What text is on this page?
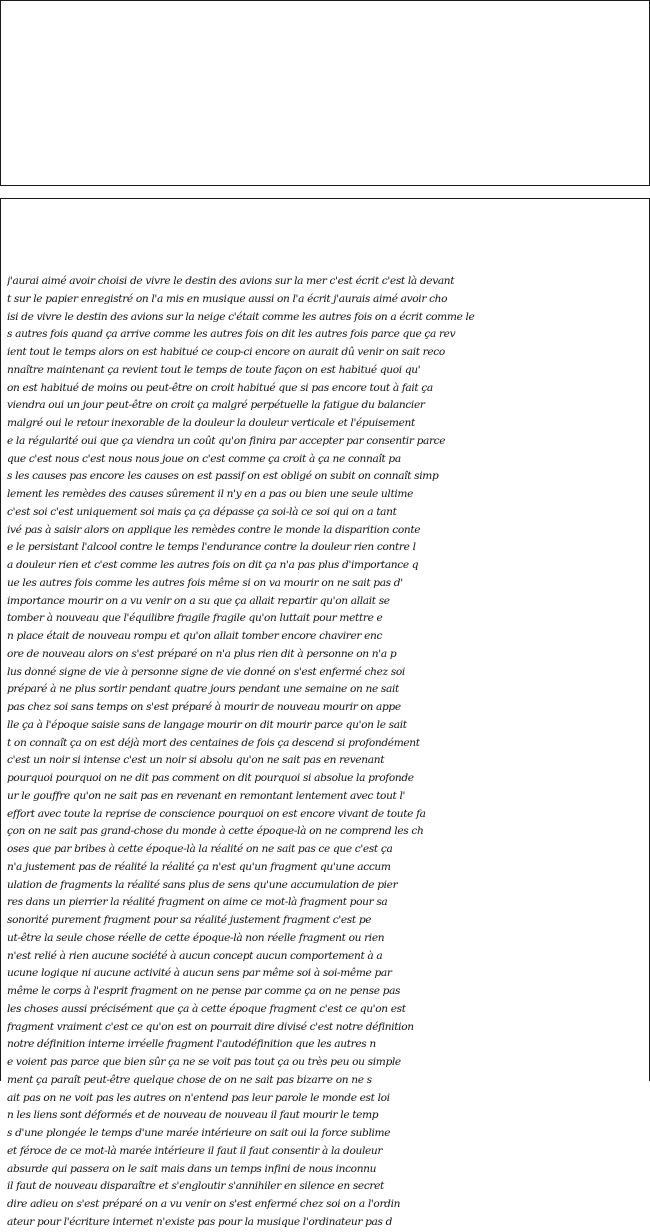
j'aurai aimé avoir choisi de vivre le destin des avions sur la mer c'est écrit c'est là devant
t sur le papier enregistré on l'a mis en musique aussi on l'a écrit j'aurais aimé avoir cho
isi de vivre le destin des avions sur la neige c'était comme les autres fois on a écrit comme le
s autres fois quand ça arrive comme les autres fois on dit les autres fois parce que ça rev
ient tout le temps alors on est habitué ce coup-ci encore on aurait dû venir on sait reco
nnaître maintenant ça revient tout le temps de toute façon on est habitué quoi qu'
on est habitué de moins ou peut-être on croit habitué que si pas encore tout à fait ça
viendra oui un jour peut-être on croit ça malgré perpétuelle la fatigue du balancier
malgré oui le retour inexorable de la douleur la douleur verticale et l'épuisement
e la régularité oui que ça viendra un coût qu'on finira par accepter par consentir parce
que c'est nous c'est nous nous joue on c'est comme ça croit à ça ne connaît pa
s les causes pas encore les causes on est passif on est obligé on subit on connaît simp
lement les remèdes des causes sûrement il n'y en a pas ou bien une seule ultime
c'est soi c'est uniquement soi mais ça ça dépasse ça soi-là ce soi qui on a tant
ivé pas à saisir alors on applique les remèdes contre le monde la disparition conte
e le persistant l'alcool contre le temps l'endurance contre la douleur rien contre l
a douleur rien et c'est comme les autres fois on dit ça n'a pas plus d'importance q
ue les autres fois comme les autres fois même si on va mourir on ne sait pas d'
importance mourir on a vu venir on a su que ça allait repartir qu'on allait se
tomber à nouveau que l'équilibre fragile fragile qu'on luttait pour mettre e
n place était de nouveau rompu et qu'on allait tomber encore chavirer enc
ore de nouveau alors on s'est préparé on n'a plus rien dit à personne on n'a p
lus donné signe de vie à personne signe de vie donné on s'est enfermé chez soi
préparé à ne plus sortir pendant quatre jours pendant une semaine on ne sait
pas chez soi sans temps on s'est préparé à mourir de nouveau mourir on appe
lle ça à l'époque saisie sans de langage mourir on dit mourir parce qu'on le sait
t on connaît ça on est déjà mort des centaines de fois ça descend si profondément
c'est un noir si intense c'est un noir si absolu qu'on ne sait pas en revenant
pourquoi pourquoi on ne dit pas comment on dit pourquoi si absolue la profonde
ur le gouffre qu'on ne sait pas en revenant en remontant lentement avec tout l'
effort avec toute la reprise de conscience pourquoi on est encore vivant de toute fa
çon on ne sait pas grand-chose du monde à cette époque-là on ne comprend les ch
oses que par bribes à cette époque-là la réalité on ne sait pas ce que c'est ça
n'a justement pas de réalité la réalité ça n'est qu'un fragment qu'une accum
ulation de fragments la réalité sans plus de sens qu'une accumulation de pier
res dans un pierrier la réalité fragment on aime ce mot-là fragment pour sa
sonorité purement fragment pour sa réalité justement fragment c'est pe
ut-être la seule chose réelle de cette époque-là non réelle fragment ou rien
n'est relié à rien aucune société à aucun concept aucun comportement à a
ucune logique ni aucune activité à aucun sens par même soi à soi-même par
même le corps à l'esprit fragment on ne pense par comme ça on ne pense pas
les choses aussi précisément que ça à cette époque fragment c'est ce qu'on est
fragment vraiment c'est ce qu'on est on pourrait dire divisé c'est notre définition
notre définition interne irréelle fragment l'autodéfinition que les autres n
e voient pas parce que bien sûr ça ne se voit pas tout ça ou très peu ou simple
ment ça paraît peut-être quelque chose de on ne sait pas bizarre on ne s
ait pas on ne voit pas les autres on n'entend pas leur parole le monde est loi
n les liens sont déformés et de nouveau de nouveau il faut mourir le temp
s d'une plongée le temps d'une marée intérieure on sait oui la force sublime
et féroce de ce mot-là marée intérieure il faut il faut consentir à la douleur
absurde qui passera on le sait mais dans un temps infini de nous inconnu
il faut de nouveau disparaître et s'engloutir s'annihiler en silence en secret
dire adieu on s'est préparé on a vu venir on s'est enfermé chez soi on a l'ordin
ateur pour l'écriture internet n'existe pas pour la musique l'ordinateur pas d
